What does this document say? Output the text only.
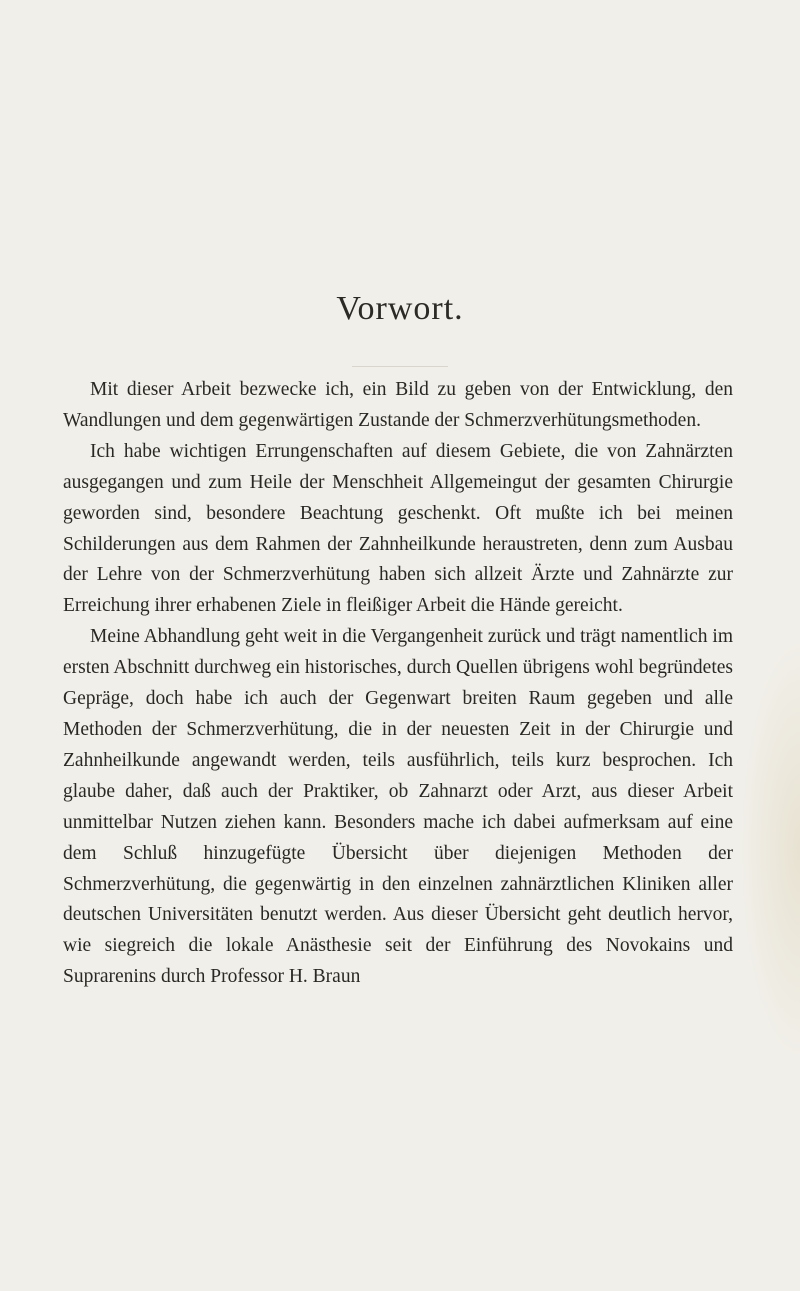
Vorwort.

Mit dieser Arbeit bezwecke ich, ein Bild zu geben von der Entwicklung, den Wandlungen und dem gegenwärtigen Zustande der Schmerzverhütungsmethoden.

Ich habe wichtigen Errungenschaften auf diesem Gebiete, die von Zahnärzten ausgegangen und zum Heile der Menschheit Allgemeingut der gesamten Chirurgie geworden sind, besondere Beachtung geschenkt. Oft mußte ich bei meinen Schilderungen aus dem Rahmen der Zahnheilkunde heraustreten, denn zum Ausbau der Lehre von der Schmerzverhütung haben sich allzeit Ärzte und Zahnärzte zur Erreichung ihrer erhabenen Ziele in fleißiger Arbeit die Hände gereicht.

Meine Abhandlung geht weit in die Vergangenheit zurück und trägt namentlich im ersten Abschnitt durchweg ein historisches, durch Quellen übrigens wohl begründetes Gepräge, doch habe ich auch der Gegenwart breiten Raum gegeben und alle Methoden der Schmerzverhütung, die in der neuesten Zeit in der Chirurgie und Zahnheilkunde angewandt werden, teils ausführlich, teils kurz besprochen. Ich glaube daher, daß auch der Praktiker, ob Zahnarzt oder Arzt, aus dieser Arbeit unmittelbar Nutzen ziehen kann. Besonders mache ich dabei aufmerksam auf eine dem Schluß hinzugefügte Übersicht über diejenigen Methoden der Schmerzverhütung, die gegenwärtig in den einzelnen zahnärztlichen Kliniken aller deutschen Universitäten benutzt werden. Aus dieser Übersicht geht deutlich hervor, wie siegreich die lokale Anästhesie seit der Einführung des Novokains und Suprarenins durch Professor H. Braun
